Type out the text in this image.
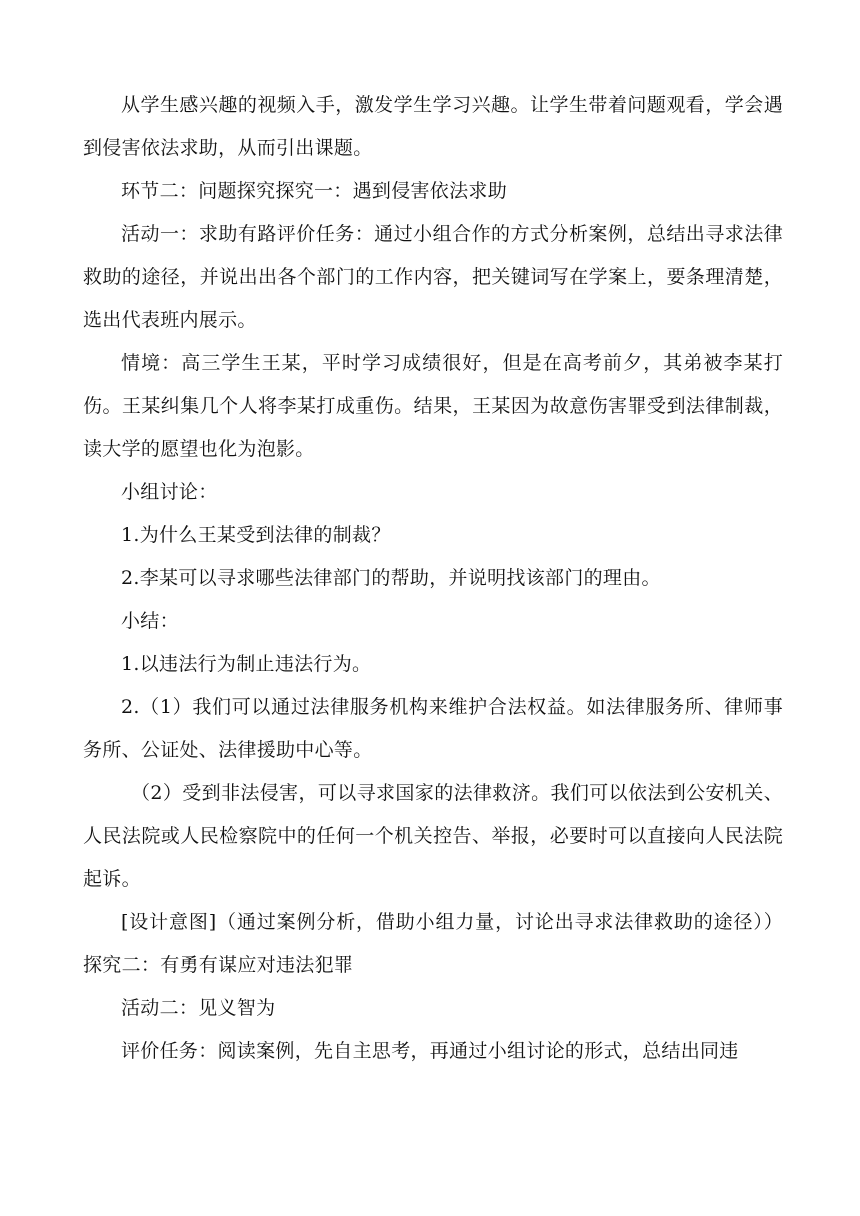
从学生感兴趣的视频入手，激发学生学习兴趣。让学生带着问题观看，学会遇到侵害依法求助，从而引出课题。

环节二：问题探究探究一：遇到侵害依法求助

活动一：求助有路评价任务：通过小组合作的方式分析案例，总结出寻求法律救助的途径，并说出出各个部门的工作内容，把关键词写在学案上，要条理清楚，选出代表班内展示。

情境：高三学生王某，平时学习成绩很好，但是在高考前夕，其弟被李某打伤。王某纠集几个人将李某打成重伤。结果，王某因为故意伤害罪受到法律制裁，读大学的愿望也化为泡影。

小组讨论：

1.为什么王某受到法律的制裁？

2.李某可以寻求哪些法律部门的帮助，并说明找该部门的理由。

小结：

1.以违法行为制止违法行为。

2.（1）我们可以通过法律服务机构来维护合法权益。如法律服务所、律师事务所、公证处、法律援助中心等。

（2）受到非法侵害，可以寻求国家的法律救济。我们可以依法到公安机关、人民法院或人民检察院中的任何一个机关控告、举报，必要时可以直接向人民法院起诉。

[设计意图]（通过案例分析，借助小组力量，讨论出寻求法律救助的途径））探究二：有勇有谋应对违法犯罪

活动二：见义智为

评价任务：阅读案例，先自主思考，再通过小组讨论的形式，总结出同违
